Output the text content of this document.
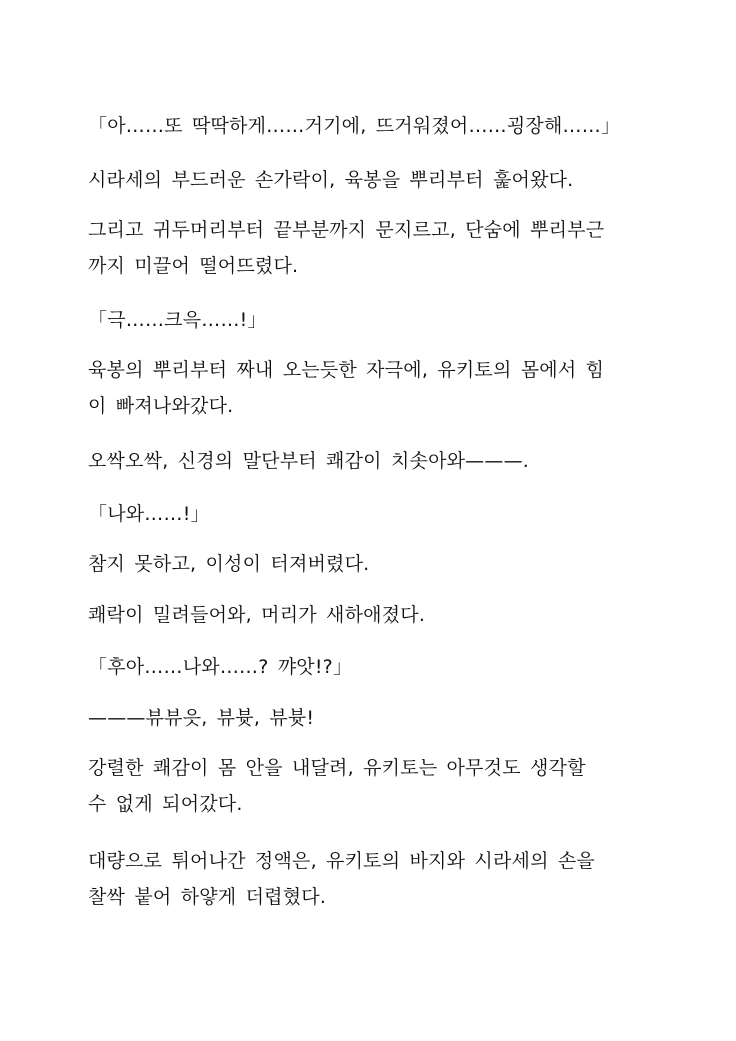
「아……또 딱딱하게……거기에, 뜨거워졌어……굉장해……」

시라세의 부드러운 손가락이, 육봉을 뿌리부터 훑어왔다.

그리고 귀두머리부터 끝부분까지 문지르고, 단숨에 뿌리부근
까지 미끌어 떨어뜨렸다.

「극……크윽……!」

육봉의 뿌리부터 짜내 오는듯한 자극에, 유키토의 몸에서 힘
이 빠져나와갔다.

오싹오싹, 신경의 말단부터 쾌감이 치솟아와———.

「나와……!」

참지 못하고, 이성이 터져버렸다.

쾌락이 밀려들어와, 머리가 새하애졌다.

「후아……나와……? 꺄앗!?」

———뷰뷰읏, 뷰븃, 뷰븃!

강렬한 쾌감이 몸 안을 내달려, 유키토는 아무것도 생각할
수 없게 되어갔다.

대량으로 튀어나간 정액은, 유키토의 바지와 시라세의 손을
찰싹 붙어 하얗게 더렵혔다.
